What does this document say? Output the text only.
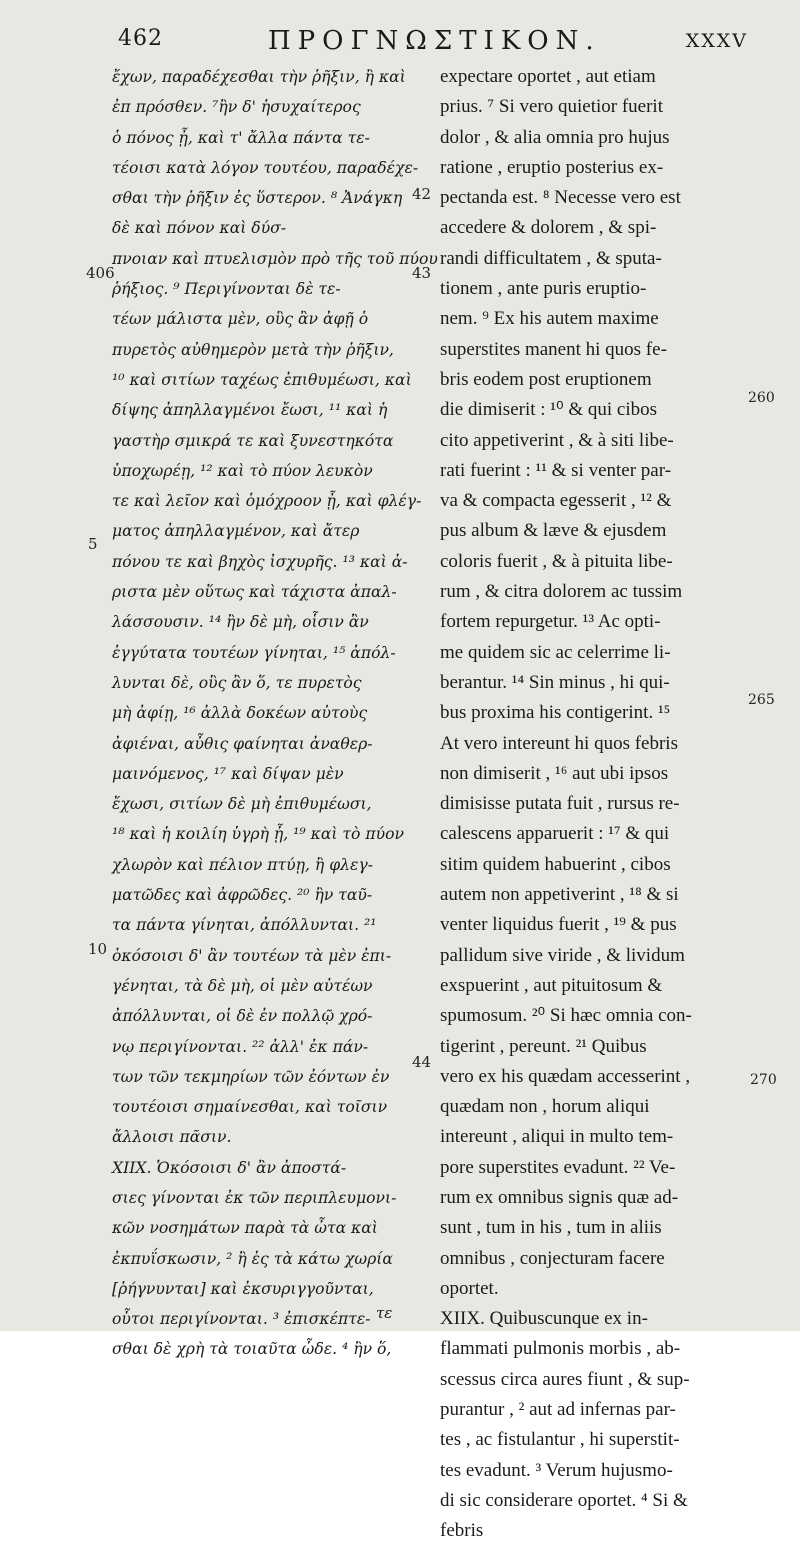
462	ΠΡΟΓΝΩΣΤΙΚΟΝ.	XXXV
ἔχων, παραδέχεσθαι τὴν ῥῆξιν, ἢ καὶ
ἐπ πρόσθεν. ⁷ἢν δ' ἡσυχαίτερος
ὁ πόνος ᾖ, καὶ τ' ἄλλα πάντα τε-
τέοισι κατὰ λόγον τουτέου, παραδέχε-
σθαι τὴν ῥῆξιν ἐς ὕστερον. ⁸ Ἀνάγκη
δὲ καὶ πόνον καὶ δύσ-
πνοιαν καὶ πτυελισμὸν πρὸ τῆς τοῦ πύου
ῥήξιος. ⁹ Περιγίνονται δὲ τε-
τέων μάλιστα μὲν, οὓς ἂν ἀφῇ ὁ
πυρετὸς αὐθημερὸν μετὰ τὴν ῥῆξιν,
¹⁰ καὶ σιτίων ταχέως ἐπιθυμέωσι, καὶ
δίψης ἀπηλλαγμένοι ἔωσι, ¹¹ καὶ ἡ
γαστὴρ σμικρά τε καὶ ξυνεστηκότα
ὑποχωρέῃ, ¹² καὶ τὸ πύον λευκὸν
τε καὶ λεῖον καὶ ὁμόχροον ᾖ, καὶ φλέγ-
ματος ἀπηλλαγμένον, καὶ ἄτερ
πόνου τε καὶ βηχὸς ἰσχυρῆς. ¹³ καὶ ἀ-
ριστα μὲν οὕτως καὶ τάχιστα ἀπαλ-
λάσσουσιν. ¹⁴ ἢν δὲ μὴ, οἷσιν ἂν
ἐγγύτατα τουτέων γίνηται, ¹⁵ ἀπόλ-
λυνται δὲ, οὓς ἂν ὅ, τε πυρετὸς
μὴ ἀφίῃ, ¹⁶ ἀλλὰ δοκέων αὐτοὺς
ἀφιέναι, αὖθις φαίνηται ἀναθερ-
μαινόμενος, ¹⁷ καὶ δίψαν μὲν
ἔχωσι, σιτίων δὲ μὴ ἐπιθυμέωσι,
¹⁸ καὶ ἡ κοιλίη ὑγρὴ ᾖ, ¹⁹ καὶ τὸ πύον
χλωρὸν καὶ πέλιον πτύῃ, ἢ φλεγ-
ματῶδες καὶ ἀφρῶδες. ²⁰ ἢν ταῦ-
τα πάντα γίνηται, ἀπόλλυνται. ²¹
ὁκόσοισι δ' ἂν τουτέων τὰ μὲν ἐπι-
γένηται, τὰ δὲ μὴ, οἱ μὲν αὐτέων
ἀπόλλυνται, οἱ δὲ ἐν πολλῷ χρό-
νῳ περιγίνονται. ²² ἀλλ' ἐκ πάν-
των τῶν τεκμηρίων τῶν ἐόντων ἐν
τουτέοισι σημαίνεσθαι, καὶ τοῖσιν
ἄλλοισι πᾶσιν.
XIIX. Ὁκόσοισι δ' ἂν ἀποστά-
σιες γίνονται ἐκ τῶν περιπλευμονι-
κῶν νοσημάτων παρὰ τὰ ὦτα καὶ
ἐκπυΐσκωσιν, ² ἢ ἐς τὰ κάτω χωρία
[ῥήγνυνται] καὶ ἐκσυριγγοῦνται,
οὗτοι περιγίνονται. ³ ἐπισκέπτε-
σθαι δὲ χρὴ τὰ τοιαῦτα ὧδε. ⁴ ἢν ὅ,
expectare oportet , aut etiam
prius. ⁷ Si vero quietior fuerit
dolor , & alia omnia pro hujus
ratione , eruptio posterius ex-
pectanda est. ⁸ Necesse vero est
accedere & dolorem , & spi-
randi difficultatem , & sputa-
tionem , ante puris eruptio-
nem. ⁹ Ex his autem maxime
superstites manent hi quos fe-
bris eodem post eruptionem
die dimiserit : ¹⁰ & qui cibos
cito appetiverint , & à siti libe-
rati fuerint : ¹¹ & si venter par-
va & compacta egesserit , ¹² &
pus album & læve & ejusdem
coloris fuerit , & à pituita libe-
rum , & citra dolorem ac tussim
fortem repurgetur. ¹³ Ac opti-
me quidem sic ac celerrime li-
berantur. ¹⁴ Sin minus , hi qui-
bus proxima his contigerint. ¹⁵
At vero intereunt hi quos febris
non dimiserit , ¹⁶ aut ubi ipsos
dimisisse putata fuit , rursus re-
calescens apparuerit : ¹⁷ & qui
sitim quidem habuerint , cibos
autem non appetiverint , ¹⁸ & si
venter liquidus fuerit , ¹⁹ & pus
pallidum sive viride , & lividum
exspuerint , aut pituitosum &
spumosum. ²⁰ Si hæc omnia con-
tigerint , pereunt. ²¹ Quibus
vero ex his quædam accesserint ,
quædam non , horum aliqui
intereunt , aliqui in multo tem-
pore superstites evadunt. ²² Ve-
rum ex omnibus signis quæ ad-
sunt , tum in his , tum in aliis
omnibus , conjecturam facere
oportet.
XIIX. Quibuscunque ex in-
flammati pulmonis morbis , ab-
scessus circa aures fiunt , & sup-
purantur , ² aut ad infernas par-
tes , ac fistulantur , hi superstit-
tes evadunt. ³ Verum hujusmo-
di sic considerare oportet. ⁴ Si &
febris
406
5
10
42
43
44
260
265
270
τε
